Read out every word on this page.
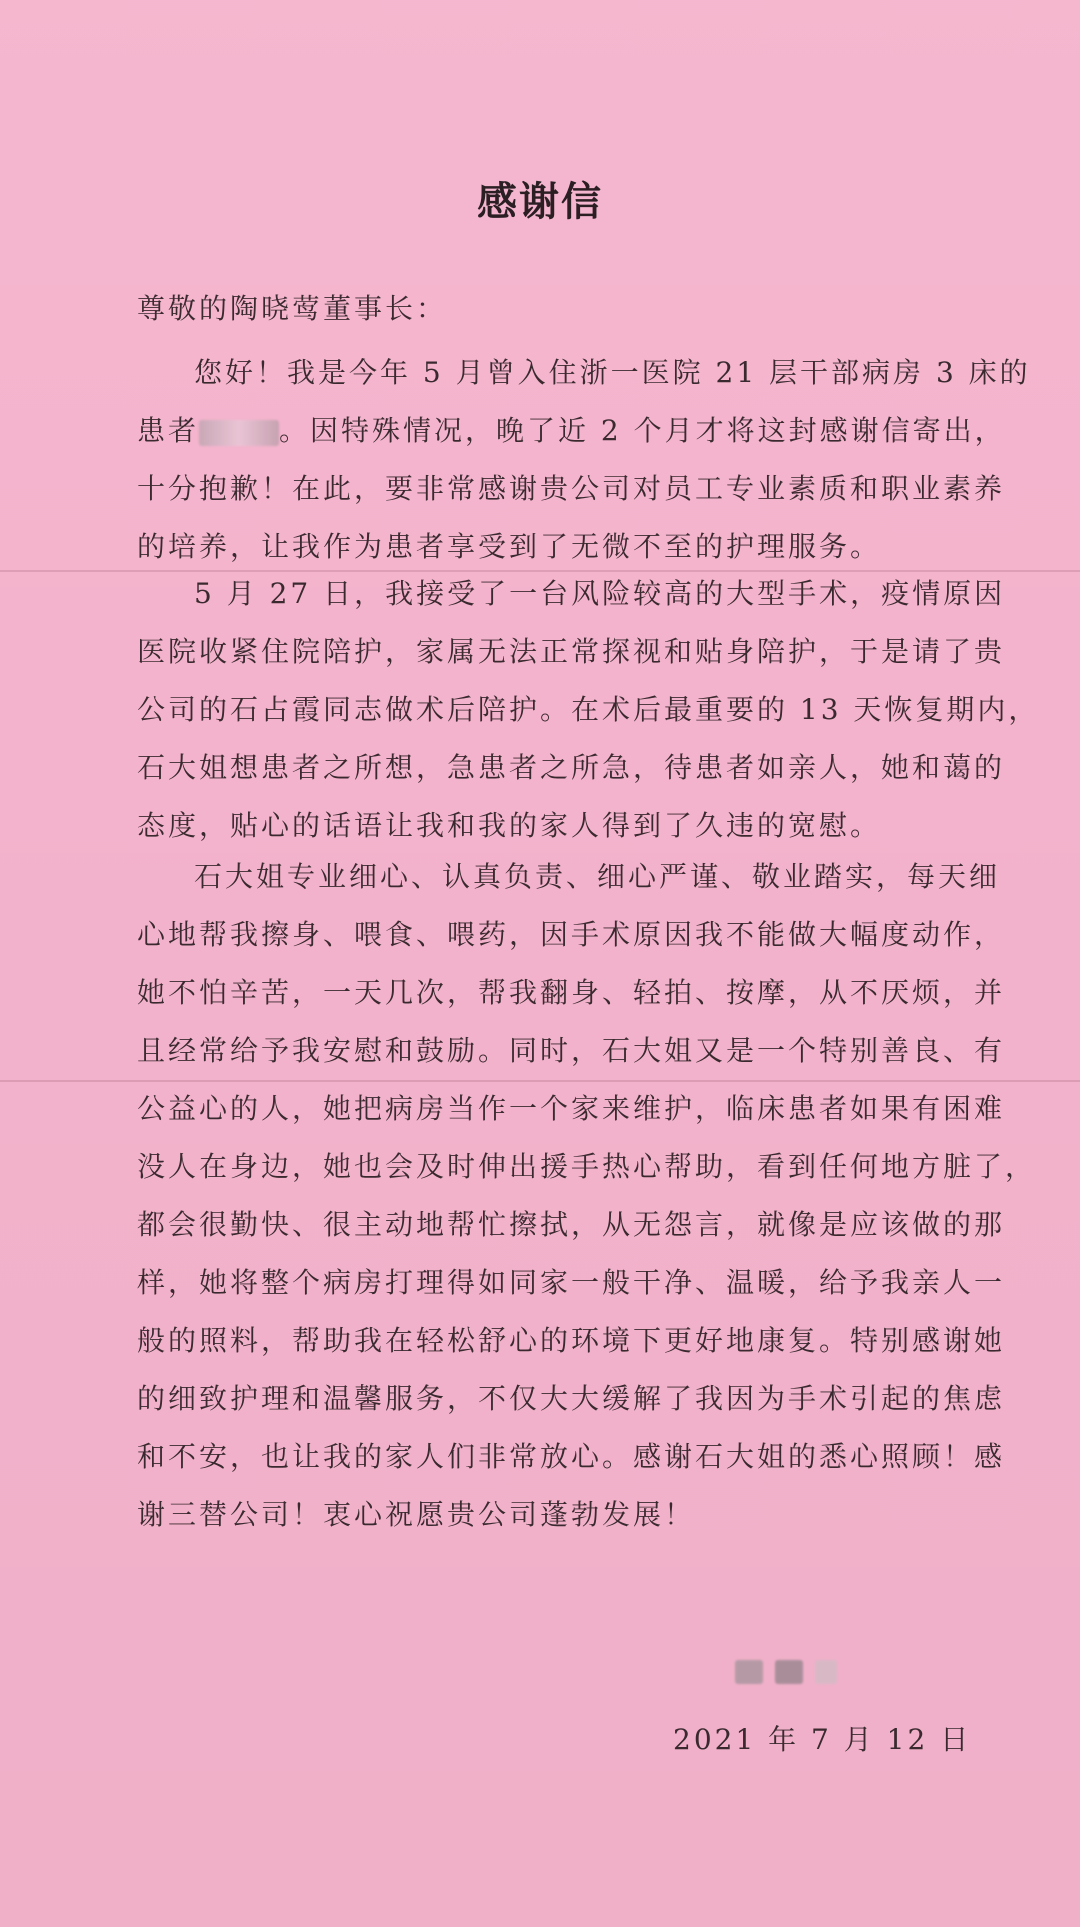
感谢信
尊敬的陶晓莺董事长：
您好！我是今年 5 月曾入住浙一医院 21 层干部病房 3 床的
患者	。因特殊情况，晚了近 2 个月才将这封感谢信寄出，
十分抱歉！在此，要非常感谢贵公司对员工专业素质和职业素养
的培养，让我作为患者享受到了无微不至的护理服务。
5 月 27 日，我接受了一台风险较高的大型手术，疫情原因
医院收紧住院陪护，家属无法正常探视和贴身陪护，于是请了贵
公司的石占霞同志做术后陪护。在术后最重要的 13 天恢复期内，
石大姐想患者之所想，急患者之所急，待患者如亲人，她和蔼的
态度，贴心的话语让我和我的家人得到了久违的宽慰。
石大姐专业细心、认真负责、细心严谨、敬业踏实，每天细
心地帮我擦身、喂食、喂药，因手术原因我不能做大幅度动作，
她不怕辛苦，一天几次，帮我翻身、轻拍、按摩，从不厌烦，并
且经常给予我安慰和鼓励。同时，石大姐又是一个特别善良、有
公益心的人，她把病房当作一个家来维护，临床患者如果有困难
没人在身边，她也会及时伸出援手热心帮助，看到任何地方脏了，
都会很勤快、很主动地帮忙擦拭，从无怨言，就像是应该做的那
样，她将整个病房打理得如同家一般干净、温暖，给予我亲人一
般的照料，帮助我在轻松舒心的环境下更好地康复。特别感谢她
的细致护理和温馨服务，不仅大大缓解了我因为手术引起的焦虑
和不安，也让我的家人们非常放心。感谢石大姐的悉心照顾！感
谢三替公司！衷心祝愿贵公司蓬勃发展！
2021 年 7 月 12 日
